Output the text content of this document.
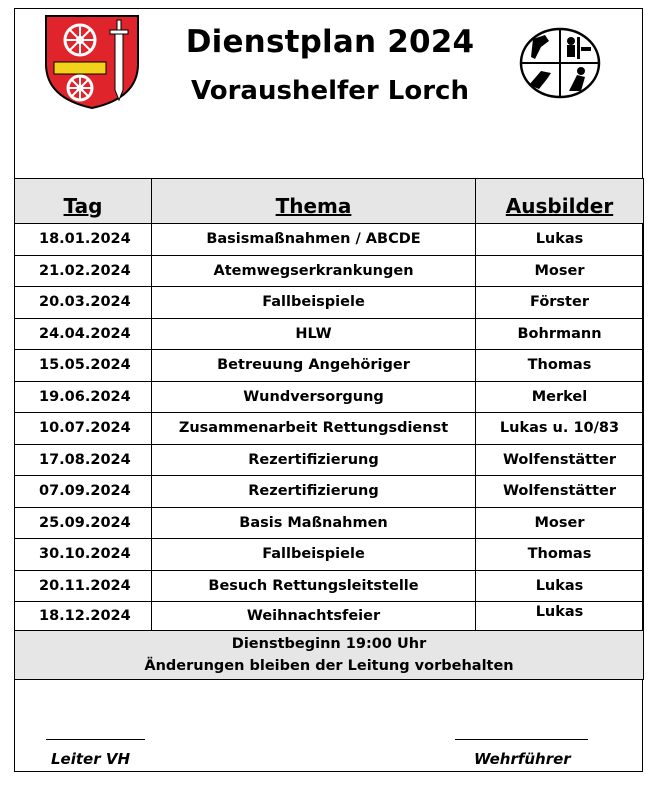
Dienstplan 2024
Voraushelfer Lorch
Tag	Thema	Ausbilder
18.01.2024	Basismaßnahmen / ABCDE	Lukas
21.02.2024	Atemwegserkrankungen	Moser
20.03.2024	Fallbeispiele	Förster
24.04.2024	HLW	Bohrmann
15.05.2024	Betreuung Angehöriger	Thomas
19.06.2024	Wundversorgung	Merkel
10.07.2024	Zusammenarbeit Rettungsdienst	Lukas u. 10/83
17.08.2024	Rezertifizierung	Wolfenstätter
07.09.2024	Rezertifizierung	Wolfenstätter
25.09.2024	Basis Maßnahmen	Moser
30.10.2024	Fallbeispiele	Thomas
20.11.2024	Besuch Rettungsleitstelle	Lukas
18.12.2024	Weihnachtsfeier	Lukas

Dienstbeginn 19:00 Uhr
Änderungen bleiben der Leitung vorbehalten		
Leiter VH	Wehrführer
